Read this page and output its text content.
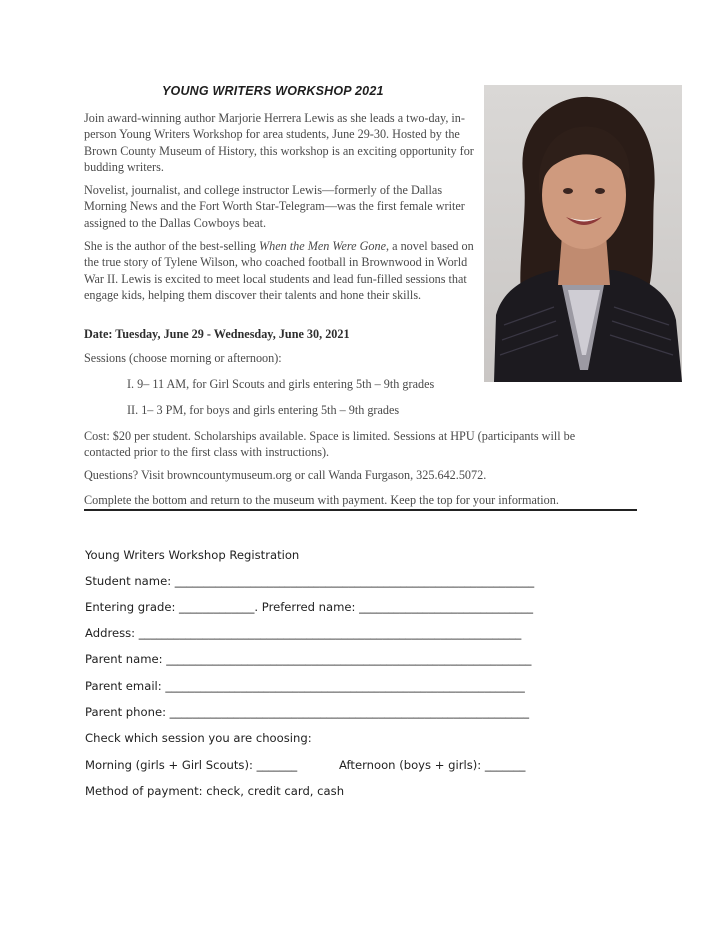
YOUNG WRITERS WORKSHOP 2021
Join award-winning author Marjorie Herrera Lewis as she leads a two-day, in-person Young Writers Workshop for area students, June 29-30. Hosted by the Brown County Museum of History, this workshop is an exciting opportunity for budding writers.
Novelist, journalist, and college instructor Lewis—formerly of the Dallas Morning News and the Fort Worth Star-Telegram—was the first female writer assigned to the Dallas Cowboys beat.
She is the author of the best-selling When the Men Were Gone, a novel based on the true story of Tylene Wilson, who coached football in Brownwood in World War II. Lewis is excited to meet local students and lead fun-filled sessions that engage kids, helping them discover their talents and hone their skills.
Date: Tuesday, June 29 - Wednesday, June 30, 2021
Sessions (choose morning or afternoon):
I. 9– 11 AM, for Girl Scouts and girls entering 5th – 9th grades
II. 1– 3 PM, for boys and girls entering 5th – 9th grades
Cost: $20 per student. Scholarships available. Space is limited. Sessions at HPU (participants will be contacted prior to the first class with instructions).
Questions? Visit browncountymuseum.org or call Wanda Furgason, 325.642.5072.
Complete the bottom and return to the museum with payment. Keep the top for your information.
Young Writers Workshop Registration
Student name: ______________________________________________________________
Entering grade: _____________. Preferred name: ______________________________
Address: __________________________________________________________________
Parent name: _______________________________________________________________
Parent email: ______________________________________________________________
Parent phone: ______________________________________________________________
Check which session you are choosing:
Morning (girls + Girl Scouts): _______	Afternoon (boys + girls): _______
Method of payment: check, credit card, cash
